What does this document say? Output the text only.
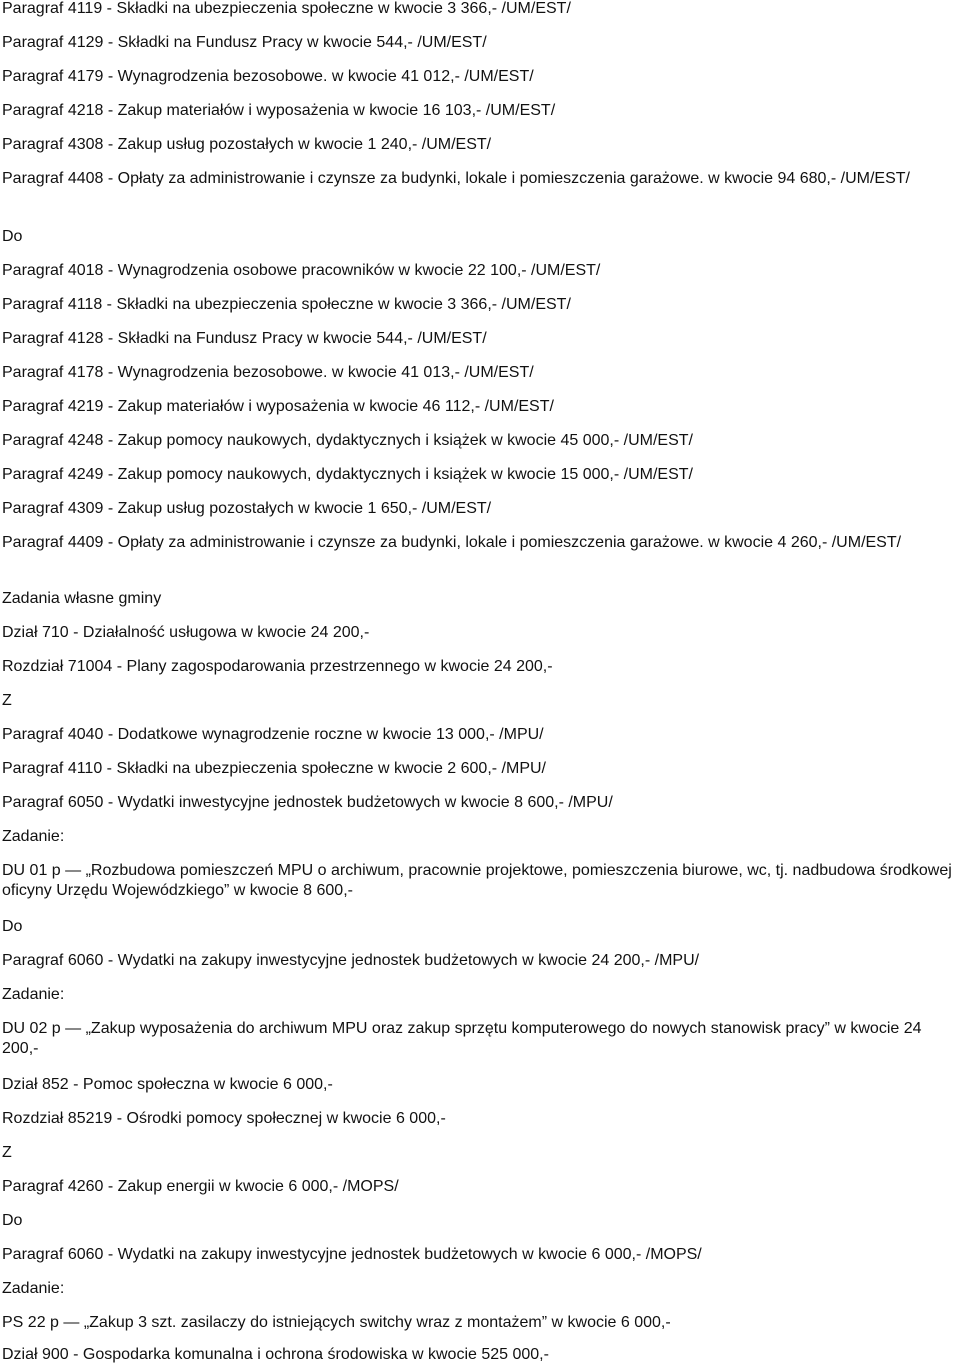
Paragraf 4119 - Składki na ubezpieczenia społeczne w kwocie 3 366,- /UM/EST/

Paragraf 4129 - Składki na Fundusz Pracy w kwocie 544,- /UM/EST/

Paragraf 4179 - Wynagrodzenia bezosobowe. w kwocie 41 012,- /UM/EST/

Paragraf 4218 - Zakup materiałów i wyposażenia w kwocie 16 103,- /UM/EST/

Paragraf 4308 - Zakup usług pozostałych w kwocie 1 240,- /UM/EST/

Paragraf 4408 - Opłaty za administrowanie i czynsze za budynki, lokale i pomieszczenia garażowe. w kwocie 94 680,- /UM/EST/

Do

Paragraf 4018 - Wynagrodzenia osobowe pracowników w kwocie 22 100,- /UM/EST/

Paragraf 4118 - Składki na ubezpieczenia społeczne w kwocie 3 366,- /UM/EST/

Paragraf 4128 - Składki na Fundusz Pracy w kwocie 544,- /UM/EST/

Paragraf 4178 - Wynagrodzenia bezosobowe. w kwocie 41 013,- /UM/EST/

Paragraf 4219 - Zakup materiałów i wyposażenia w kwocie 46 112,- /UM/EST/

Paragraf 4248 - Zakup pomocy naukowych, dydaktycznych i książek w kwocie 45 000,- /UM/EST/

Paragraf 4249 - Zakup pomocy naukowych, dydaktycznych i książek w kwocie 15 000,- /UM/EST/

Paragraf 4309 - Zakup usług pozostałych w kwocie 1 650,- /UM/EST/

Paragraf 4409 - Opłaty za administrowanie i czynsze za budynki, lokale i pomieszczenia garażowe. w kwocie 4 260,- /UM/EST/

Zadania własne gminy

Dział 710 - Działalność usługowa w kwocie 24 200,-

Rozdział 71004 - Plany zagospodarowania przestrzennego w kwocie 24 200,-

Z

Paragraf 4040 - Dodatkowe wynagrodzenie roczne w kwocie 13 000,- /MPU/

Paragraf 4110 - Składki na ubezpieczenia społeczne w kwocie 2 600,- /MPU/

Paragraf 6050 - Wydatki inwestycyjne jednostek budżetowych w kwocie 8 600,- /MPU/

Zadanie:

DU 01 p — „Rozbudowa pomieszczeń MPU o archiwum, pracownie projektowe, pomieszczenia biurowe, wc, tj. nadbudowa środkowej oficyny Urzędu Wojewódzkiego” w kwocie 8 600,-

Do

Paragraf 6060 - Wydatki na zakupy inwestycyjne jednostek budżetowych w kwocie 24 200,- /MPU/

Zadanie:

DU 02 p — „Zakup wyposażenia do archiwum MPU oraz zakup sprzętu komputerowego do nowych stanowisk pracy” w kwocie 24 200,-

Dział 852 - Pomoc społeczna w kwocie 6 000,-

Rozdział 85219 - Ośrodki pomocy społecznej w kwocie 6 000,-

Z

Paragraf 4260 - Zakup energii w kwocie 6 000,- /MOPS/

Do

Paragraf 6060 - Wydatki na zakupy inwestycyjne jednostek budżetowych w kwocie 6 000,- /MOPS/

Zadanie:

PS 22 p — „Zakup 3 szt. zasilaczy do istniejących switchy wraz z montażem” w kwocie 6 000,-

Dział 900 - Gospodarka komunalna i ochrona środowiska w kwocie 525 000,-
